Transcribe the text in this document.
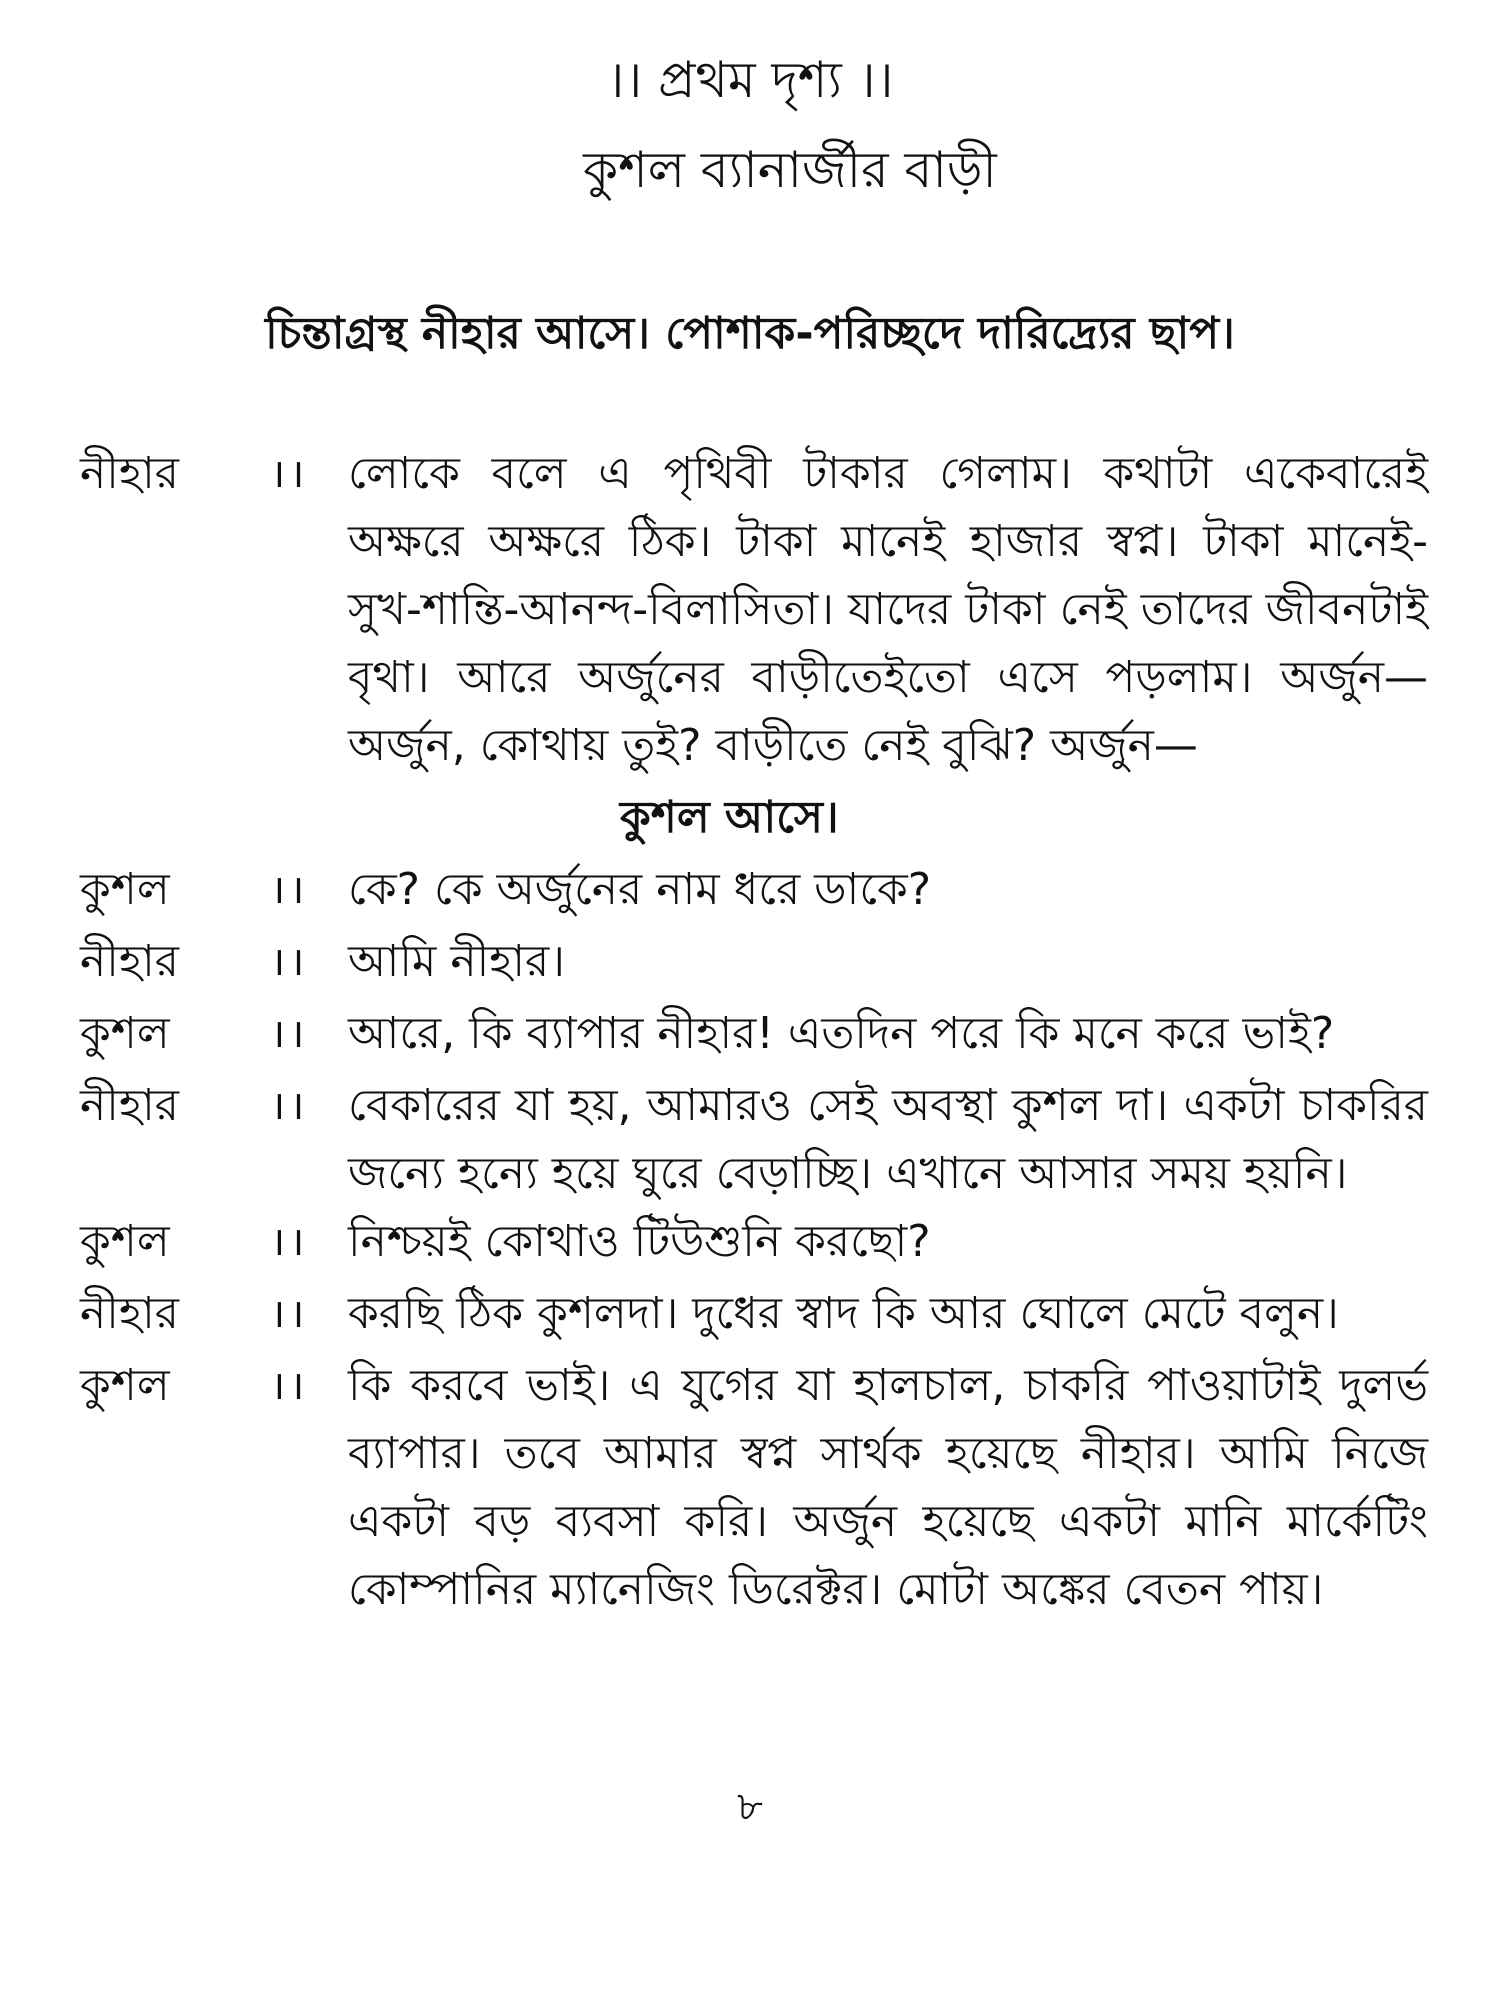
।। প্রথম দৃশ্য ।।
কুশল ব্যানার্জীর বাড়ী
চিন্তাগ্রস্থ নীহার আসে। পোশাক-পরিচ্ছদে দারিদ্র্যের ছাপ।
নীহার	।। লোকে বলে এ পৃথিবী টাকার গেলাম। কথাটা একেবারেই অক্ষরে অক্ষরে ঠিক। টাকা মানেই হাজার স্বপ্ন। টাকা মানেই- সুখ-শান্তি-আনন্দ-বিলাসিতা। যাদের টাকা নেই তাদের জীবনটাই বৃথা। আরে অর্জুনের বাড়ীতেইতো এসে পড়লাম। অর্জুন—অর্জুন, কোথায় তুই? বাড়ীতে নেই বুঝি? অর্জুন—
কুশল আসে।
কুশল	।। কে? কে অর্জুনের নাম ধরে ডাকে?
নীহার	।। আমি নীহার।
কুশল	।। আরে, কি ব্যাপার নীহার! এতদিন পরে কি মনে করে ভাই?
নীহার	।। বেকারের যা হয়, আমারও সেই অবস্থা কুশল দা। একটা চাকরির জন্যে হন্যে হয়ে ঘুরে বেড়াচ্ছি। এখানে আসার সময় হয়নি।
কুশল	।। নিশ্চয়ই কোথাও টিউশুনি করছো?
নীহার	।। করছি ঠিক কুশলদা। দুধের স্বাদ কি আর ঘোলে মেটে বলুন।
কুশল	।। কি করবে ভাই। এ যুগের যা হালচাল, চাকরি পাওয়াটাই দুলর্ভ ব্যাপার। তবে আমার স্বপ্ন সার্থক হয়েছে নীহার। আমি নিজে একটা বড় ব্যবসা করি। অর্জুন হয়েছে একটা মানি মার্কেটিং কোম্পানির ম্যানেজিং ডিরেক্টর। মোটা অঙ্কের বেতন পায়।
৮
